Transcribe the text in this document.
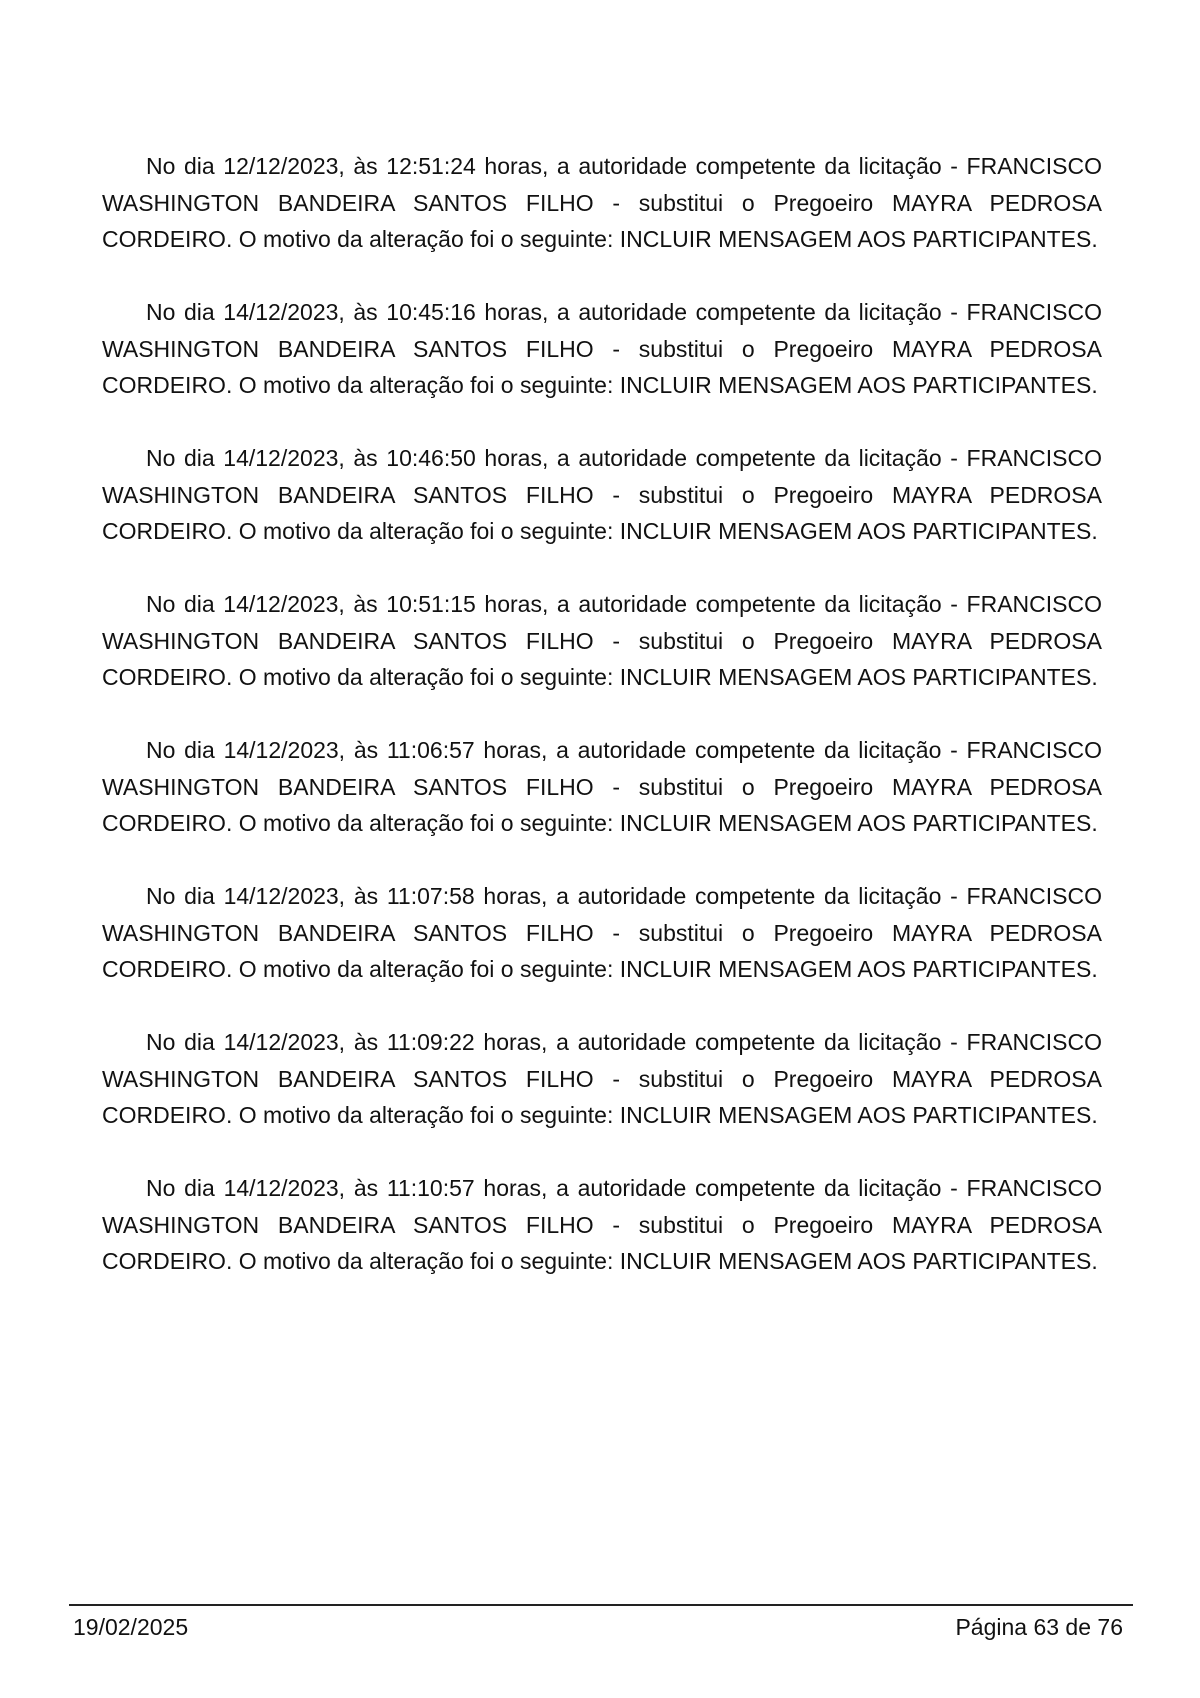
No dia 12/12/2023, às 12:51:24 horas, a autoridade competente da licitação - FRANCISCO WASHINGTON BANDEIRA SANTOS FILHO - substitui o Pregoeiro MAYRA PEDROSA CORDEIRO. O motivo da alteração foi o seguinte: INCLUIR MENSAGEM AOS PARTICIPANTES.

No dia 14/12/2023, às 10:45:16 horas, a autoridade competente da licitação - FRANCISCO WASHINGTON BANDEIRA SANTOS FILHO - substitui o Pregoeiro MAYRA PEDROSA CORDEIRO. O motivo da alteração foi o seguinte: INCLUIR MENSAGEM AOS PARTICIPANTES.

No dia 14/12/2023, às 10:46:50 horas, a autoridade competente da licitação - FRANCISCO WASHINGTON BANDEIRA SANTOS FILHO - substitui o Pregoeiro MAYRA PEDROSA CORDEIRO. O motivo da alteração foi o seguinte: INCLUIR MENSAGEM AOS PARTICIPANTES.

No dia 14/12/2023, às 10:51:15 horas, a autoridade competente da licitação - FRANCISCO WASHINGTON BANDEIRA SANTOS FILHO - substitui o Pregoeiro MAYRA PEDROSA CORDEIRO. O motivo da alteração foi o seguinte: INCLUIR MENSAGEM AOS PARTICIPANTES.

No dia 14/12/2023, às 11:06:57 horas, a autoridade competente da licitação - FRANCISCO WASHINGTON BANDEIRA SANTOS FILHO - substitui o Pregoeiro MAYRA PEDROSA CORDEIRO. O motivo da alteração foi o seguinte: INCLUIR MENSAGEM AOS PARTICIPANTES.

No dia 14/12/2023, às 11:07:58 horas, a autoridade competente da licitação - FRANCISCO WASHINGTON BANDEIRA SANTOS FILHO - substitui o Pregoeiro MAYRA PEDROSA CORDEIRO. O motivo da alteração foi o seguinte: INCLUIR MENSAGEM AOS PARTICIPANTES.

No dia 14/12/2023, às 11:09:22 horas, a autoridade competente da licitação - FRANCISCO WASHINGTON BANDEIRA SANTOS FILHO - substitui o Pregoeiro MAYRA PEDROSA CORDEIRO. O motivo da alteração foi o seguinte: INCLUIR MENSAGEM AOS PARTICIPANTES.

No dia 14/12/2023, às 11:10:57 horas, a autoridade competente da licitação - FRANCISCO WASHINGTON BANDEIRA SANTOS FILHO - substitui o Pregoeiro MAYRA PEDROSA CORDEIRO. O motivo da alteração foi o seguinte: INCLUIR MENSAGEM AOS PARTICIPANTES.

19/02/2025	Página 63 de 76
